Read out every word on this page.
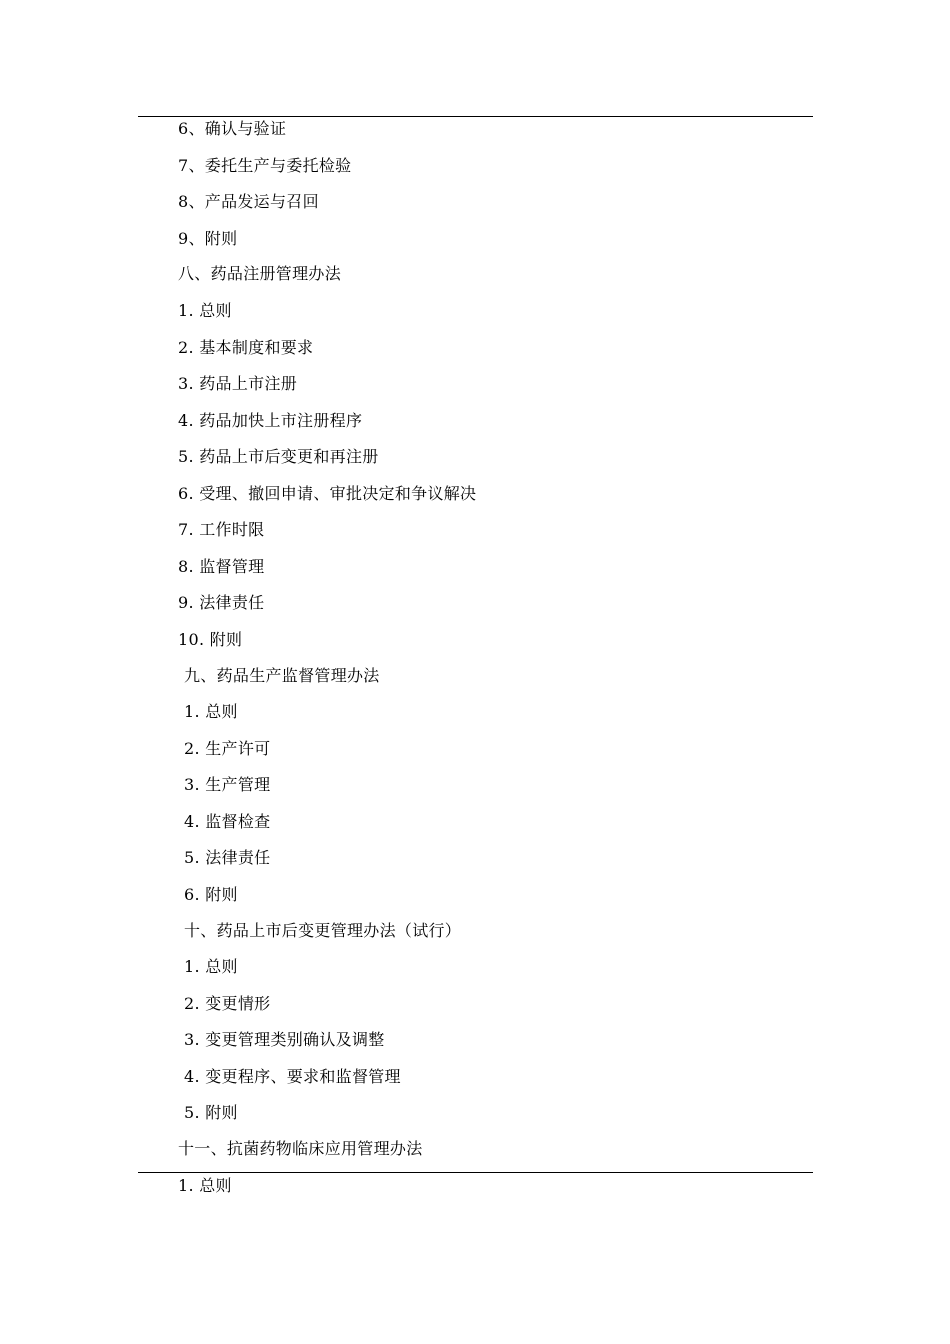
6、确认与验证
7、委托生产与委托检验
8、产品发运与召回
9、附则
八、药品注册管理办法
1. 总则
2. 基本制度和要求
3. 药品上市注册
4. 药品加快上市注册程序
5. 药品上市后变更和再注册
6. 受理、撤回申请、审批决定和争议解决
7. 工作时限
8. 监督管理
9. 法律责任
10. 附则
九、药品生产监督管理办法
1. 总则
2. 生产许可
3. 生产管理
4. 监督检查
5. 法律责任
6. 附则
十、药品上市后变更管理办法（试行）
1. 总则
2. 变更情形
3. 变更管理类别确认及调整
4. 变更程序、要求和监督管理
5. 附则
十一、抗菌药物临床应用管理办法
1. 总则
